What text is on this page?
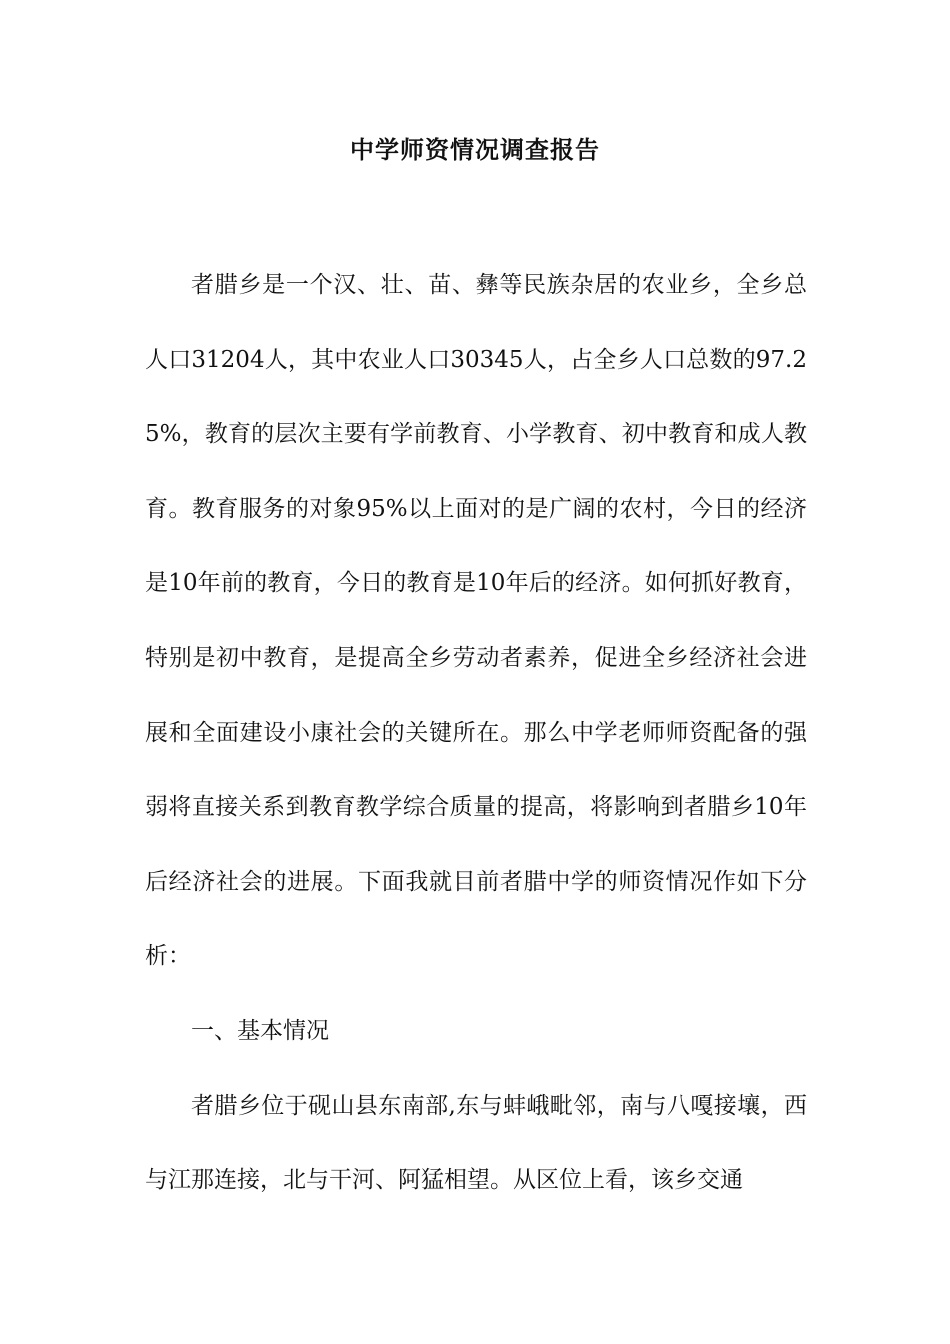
中学师资情况调查报告

者腊乡是一个汉、壮、苗、彝等民族杂居的农业乡，全乡总人口31204人，其中农业人口30345人，占全乡人口总数的97.25%，教育的层次主要有学前教育、小学教育、初中教育和成人教育。教育服务的对象95%以上面对的是广阔的农村，今日的经济是10年前的教育，今日的教育是10年后的经济。如何抓好教育，特别是初中教育，是提高全乡劳动者素养，促进全乡经济社会进展和全面建设小康社会的关键所在。那么中学老师师资配备的强弱将直接关系到教育教学综合质量的提高，将影响到者腊乡10年后经济社会的进展。下面我就目前者腊中学的师资情况作如下分析：

一、基本情况

者腊乡位于砚山县东南部,东与蚌峨毗邻，南与八嘎接壤，西与江那连接，北与干河、阿猛相望。从区位上看，该乡交通
